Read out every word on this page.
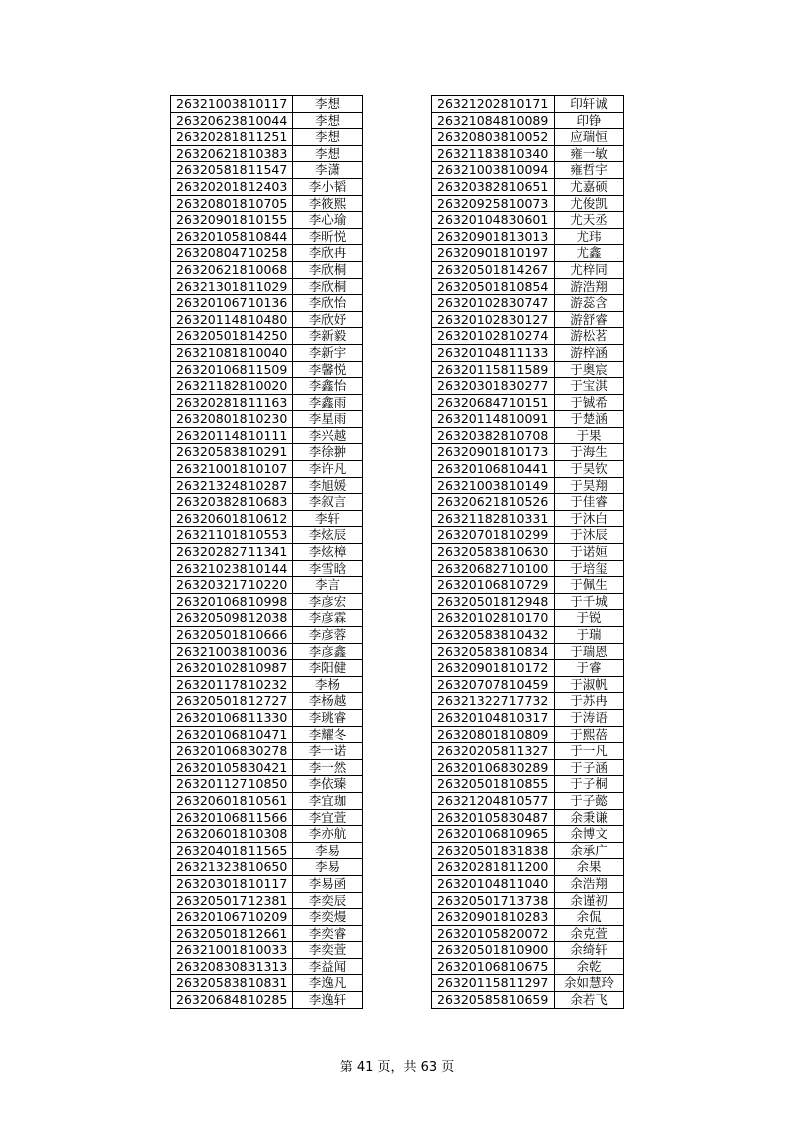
26321003810117	李想
26320623810044	李想
26320281811251	李想
26320621810383	李想
26320581811547	李潇
26320201812403	李小韬
26320801810705	李筱熙
26320901810155	李心瑜
26320105810844	李昕悦
26320804710258	李欣冉
26320621810068	李欣桐
26321301811029	李欣桐
26320106710136	李欣怡
26320114810480	李欣妤
26320501814250	李新毅
26321081810040	李新宇
26320106811509	李馨悦
26321182810020	李鑫怡
26320281811163	李鑫雨
26320801810230	李星雨
26320114810111	李兴越
26320583810291	李徐翀
26321001810107	李许凡
26321324810287	李旭媛
26320382810683	李叙言
26320601810612	李轩
26321101810553	李炫辰
26320282711341	李炫樟
26321023810144	李雪晗
26320321710220	李言
26320106810998	李彦宏
26320509812038	李彦霖
26320501810666	李彦蓉
26321003810036	李彦鑫
26320102810987	李阳健
26320117810232	李杨
26320501812727	李杨越
26320106811330	李珧睿
26320106810471	李耀冬
26320106830278	李一诺
26320105830421	李一然
26320112710850	李依臻
26320601810561	李宜珈
26320106811566	李宜萱
26320601810308	李亦航
26320401811565	李易
26321323810650	李易
26320301810117	李易函
26320501712381	李奕辰
26320106710209	李奕熳
26320501812661	李奕睿
26321001810033	李奕萱
26320830831313	李益闻
26320583810831	李逸凡
26320684810285	李逸轩
26321202810171	印轩诚
26321084810089	印铮
26320803810052	应瑞恒
26321183810340	雍一敏
26321003810094	雍哲宇
26320382810651	尤嘉硕
26320925810073	尤俊凯
26320104830601	尤天丞
26320901813013	尤玮
26320901810197	尤鑫
26320501814267	尤梓同
26320501810854	游浩翔
26320102830747	游蕊含
26320102830127	游舒睿
26320102810274	游松茗
26320104811133	游梓涵
26320115811589	于奥宸
26320301830277	于宝淇
26320684710151	于铖希
26320114810091	于楚涵
26320382810708	于果
26320901810173	于海生
26320106810441	于昊钦
26321003810149	于昊翔
26320621810526	于佳睿
26321182810331	于沐白
26320701810299	于沐辰
26320583810630	于诺姮
26320682710100	于培玺
26320106810729	于佩生
26320501812948	于千城
26320102810170	于锐
26320583810432	于瑞
26320583810834	于瑞恩
26320901810172	于睿
26320707810459	于淑帆
26321322717732	于苏冉
26320104810317	于涛语
26320801810809	于熙蓓
26320205811327	于一凡
26320106830289	于子涵
26320501810855	于子桐
26321204810577	于子懿
26320105830487	余秉谦
26320106810965	余博文
26320501831838	余承广
26320281811200	余果
26320104811040	余浩翔
26320501713738	余谨初
26320901810283	余侃
26320105820072	余克萱
26320501810900	余绮轩
26320106810675	余乾
26320115811297	余如慧玲
26320585810659	余若飞
第 41 页，共 63 页
